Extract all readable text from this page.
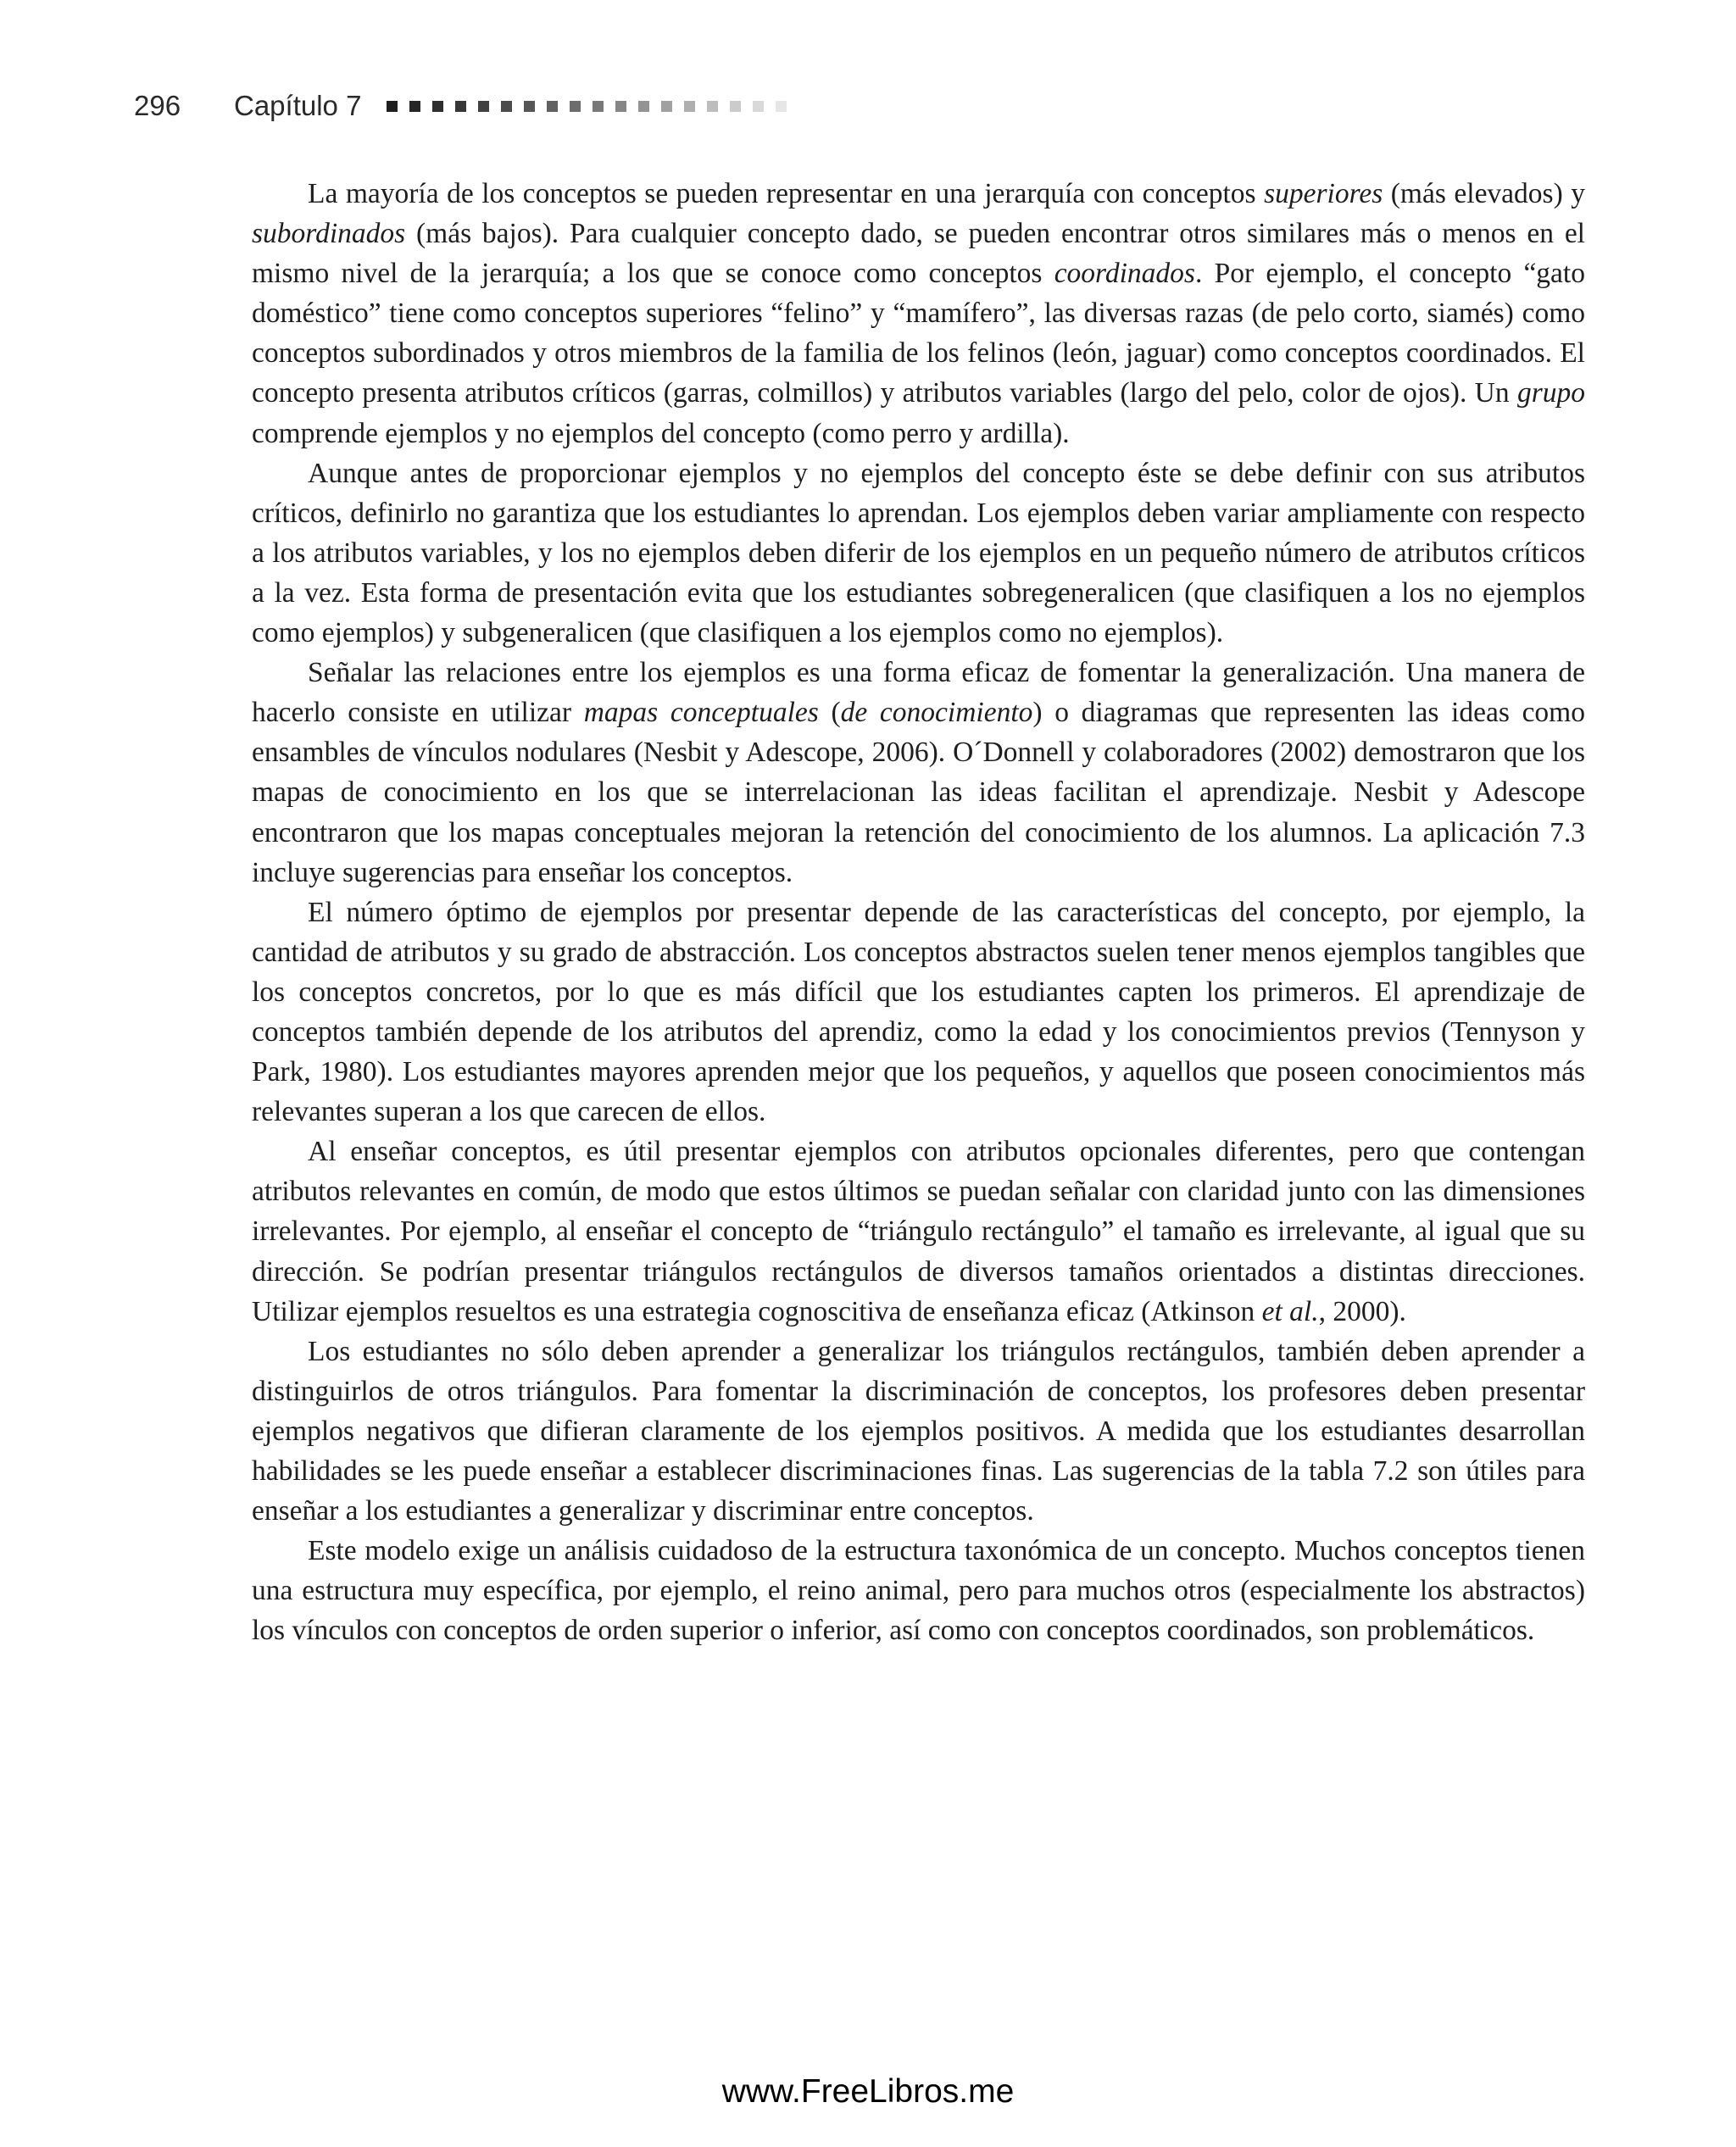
296	Capítulo 7

La mayoría de los conceptos se pueden representar en una jerarquía con conceptos superiores (más elevados) y subordinados (más bajos). Para cualquier concepto dado, se pueden encontrar otros similares más o menos en el mismo nivel de la jerarquía; a los que se conoce como conceptos coordinados. Por ejemplo, el concepto “gato doméstico” tiene como conceptos superiores “felino” y “mamífero”, las diversas razas (de pelo corto, siamés) como conceptos subordinados y otros miembros de la familia de los felinos (león, jaguar) como conceptos coordinados. El concepto presenta atributos críticos (garras, colmillos) y atributos variables (largo del pelo, color de ojos). Un grupo comprende ejemplos y no ejemplos del concepto (como perro y ardilla).

Aunque antes de proporcionar ejemplos y no ejemplos del concepto éste se debe definir con sus atributos críticos, definirlo no garantiza que los estudiantes lo aprendan. Los ejemplos deben variar ampliamente con respecto a los atributos variables, y los no ejemplos deben diferir de los ejemplos en un pequeño número de atributos críticos a la vez. Esta forma de presentación evita que los estudiantes sobregeneralicen (que clasifiquen a los no ejemplos como ejemplos) y subgeneralicen (que clasifiquen a los ejemplos como no ejemplos).

Señalar las relaciones entre los ejemplos es una forma eficaz de fomentar la generalización. Una manera de hacerlo consiste en utilizar mapas conceptuales (de conocimiento) o diagramas que representen las ideas como ensambles de vínculos nodulares (Nesbit y Adescope, 2006). O´Donnell y colaboradores (2002) demostraron que los mapas de conocimiento en los que se interrelacionan las ideas facilitan el aprendizaje. Nesbit y Adescope encontraron que los mapas conceptuales mejoran la retención del conocimiento de los alumnos. La aplicación 7.3 incluye sugerencias para enseñar los conceptos.

El número óptimo de ejemplos por presentar depende de las características del concepto, por ejemplo, la cantidad de atributos y su grado de abstracción. Los conceptos abstractos suelen tener menos ejemplos tangibles que los conceptos concretos, por lo que es más difícil que los estudiantes capten los primeros. El aprendizaje de conceptos también depende de los atributos del aprendiz, como la edad y los conocimientos previos (Tennyson y Park, 1980). Los estudiantes mayores aprenden mejor que los pequeños, y aquellos que poseen conocimientos más relevantes superan a los que carecen de ellos.

Al enseñar conceptos, es útil presentar ejemplos con atributos opcionales diferentes, pero que contengan atributos relevantes en común, de modo que estos últimos se puedan señalar con claridad junto con las dimensiones irrelevantes. Por ejemplo, al enseñar el concepto de “triángulo rectángulo” el tamaño es irrelevante, al igual que su dirección. Se podrían presentar triángulos rectángulos de diversos tamaños orientados a distintas direcciones. Utilizar ejemplos resueltos es una estrategia cognoscitiva de enseñanza eficaz (Atkinson et al., 2000).

Los estudiantes no sólo deben aprender a generalizar los triángulos rectángulos, también deben aprender a distinguirlos de otros triángulos. Para fomentar la discriminación de conceptos, los profesores deben presentar ejemplos negativos que difieran claramente de los ejemplos positivos. A medida que los estudiantes desarrollan habilidades se les puede enseñar a establecer discriminaciones finas. Las sugerencias de la tabla 7.2 son útiles para enseñar a los estudiantes a generalizar y discriminar entre conceptos.

Este modelo exige un análisis cuidadoso de la estructura taxonómica de un concepto. Muchos conceptos tienen una estructura muy específica, por ejemplo, el reino animal, pero para muchos otros (especialmente los abstractos) los vínculos con conceptos de orden superior o inferior, así como con conceptos coordinados, son problemáticos.

www.FreeLibros.me
